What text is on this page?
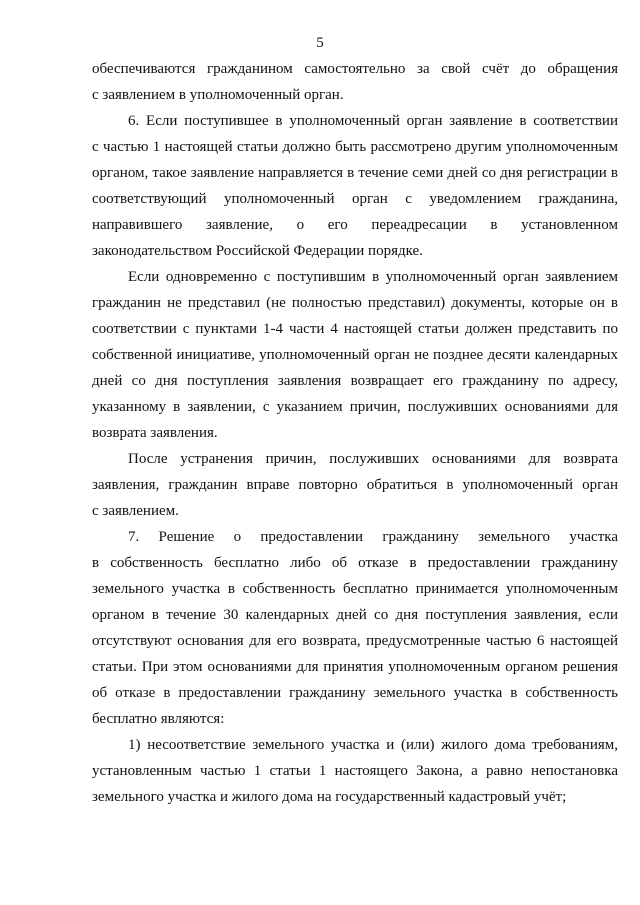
5
обеспечиваются гражданином самостоятельно за свой счёт до обращения
с заявлением в уполномоченный орган.
6. Если поступившее в уполномоченный орган заявление в соответствии
с частью 1 настоящей статьи должно быть рассмотрено другим уполномоченным
органом, такое заявление направляется в течение семи дней со дня регистрации в
соответствующий уполномоченный орган с уведомлением гражданина,
направившего заявление, о его переадресации в установленном
законодательством Российской Федерации порядке.
Если одновременно с поступившим в уполномоченный орган заявлением
гражданин не представил (не полностью представил) документы, которые он в
соответствии с пунктами 1-4 части 4 настоящей статьи должен представить по
собственной инициативе, уполномоченный орган не позднее десяти календарных
дней со дня поступления заявления возвращает его гражданину по адресу,
указанному в заявлении, с указанием причин, послуживших основаниями для
возврата заявления.
После устранения причин, послуживших основаниями для возврата
заявления, гражданин вправе повторно обратиться в уполномоченный орган
с заявлением.
7. Решение о предоставлении гражданину земельного участка
в собственность бесплатно либо об отказе в предоставлении гражданину
земельного участка в собственность бесплатно принимается уполномоченным
органом в течение 30 календарных дней со дня поступления заявления, если
отсутствуют основания для его возврата, предусмотренные частью 6 настоящей
статьи. При этом основаниями для принятия уполномоченным органом решения
об отказе в предоставлении гражданину земельного участка в собственность
бесплатно являются:
1) несоответствие земельного участка и (или) жилого дома требованиям,
установленным частью 1 статьи 1 настоящего Закона, а равно непостановка
земельного участка и жилого дома на государственный кадастровый учёт;
